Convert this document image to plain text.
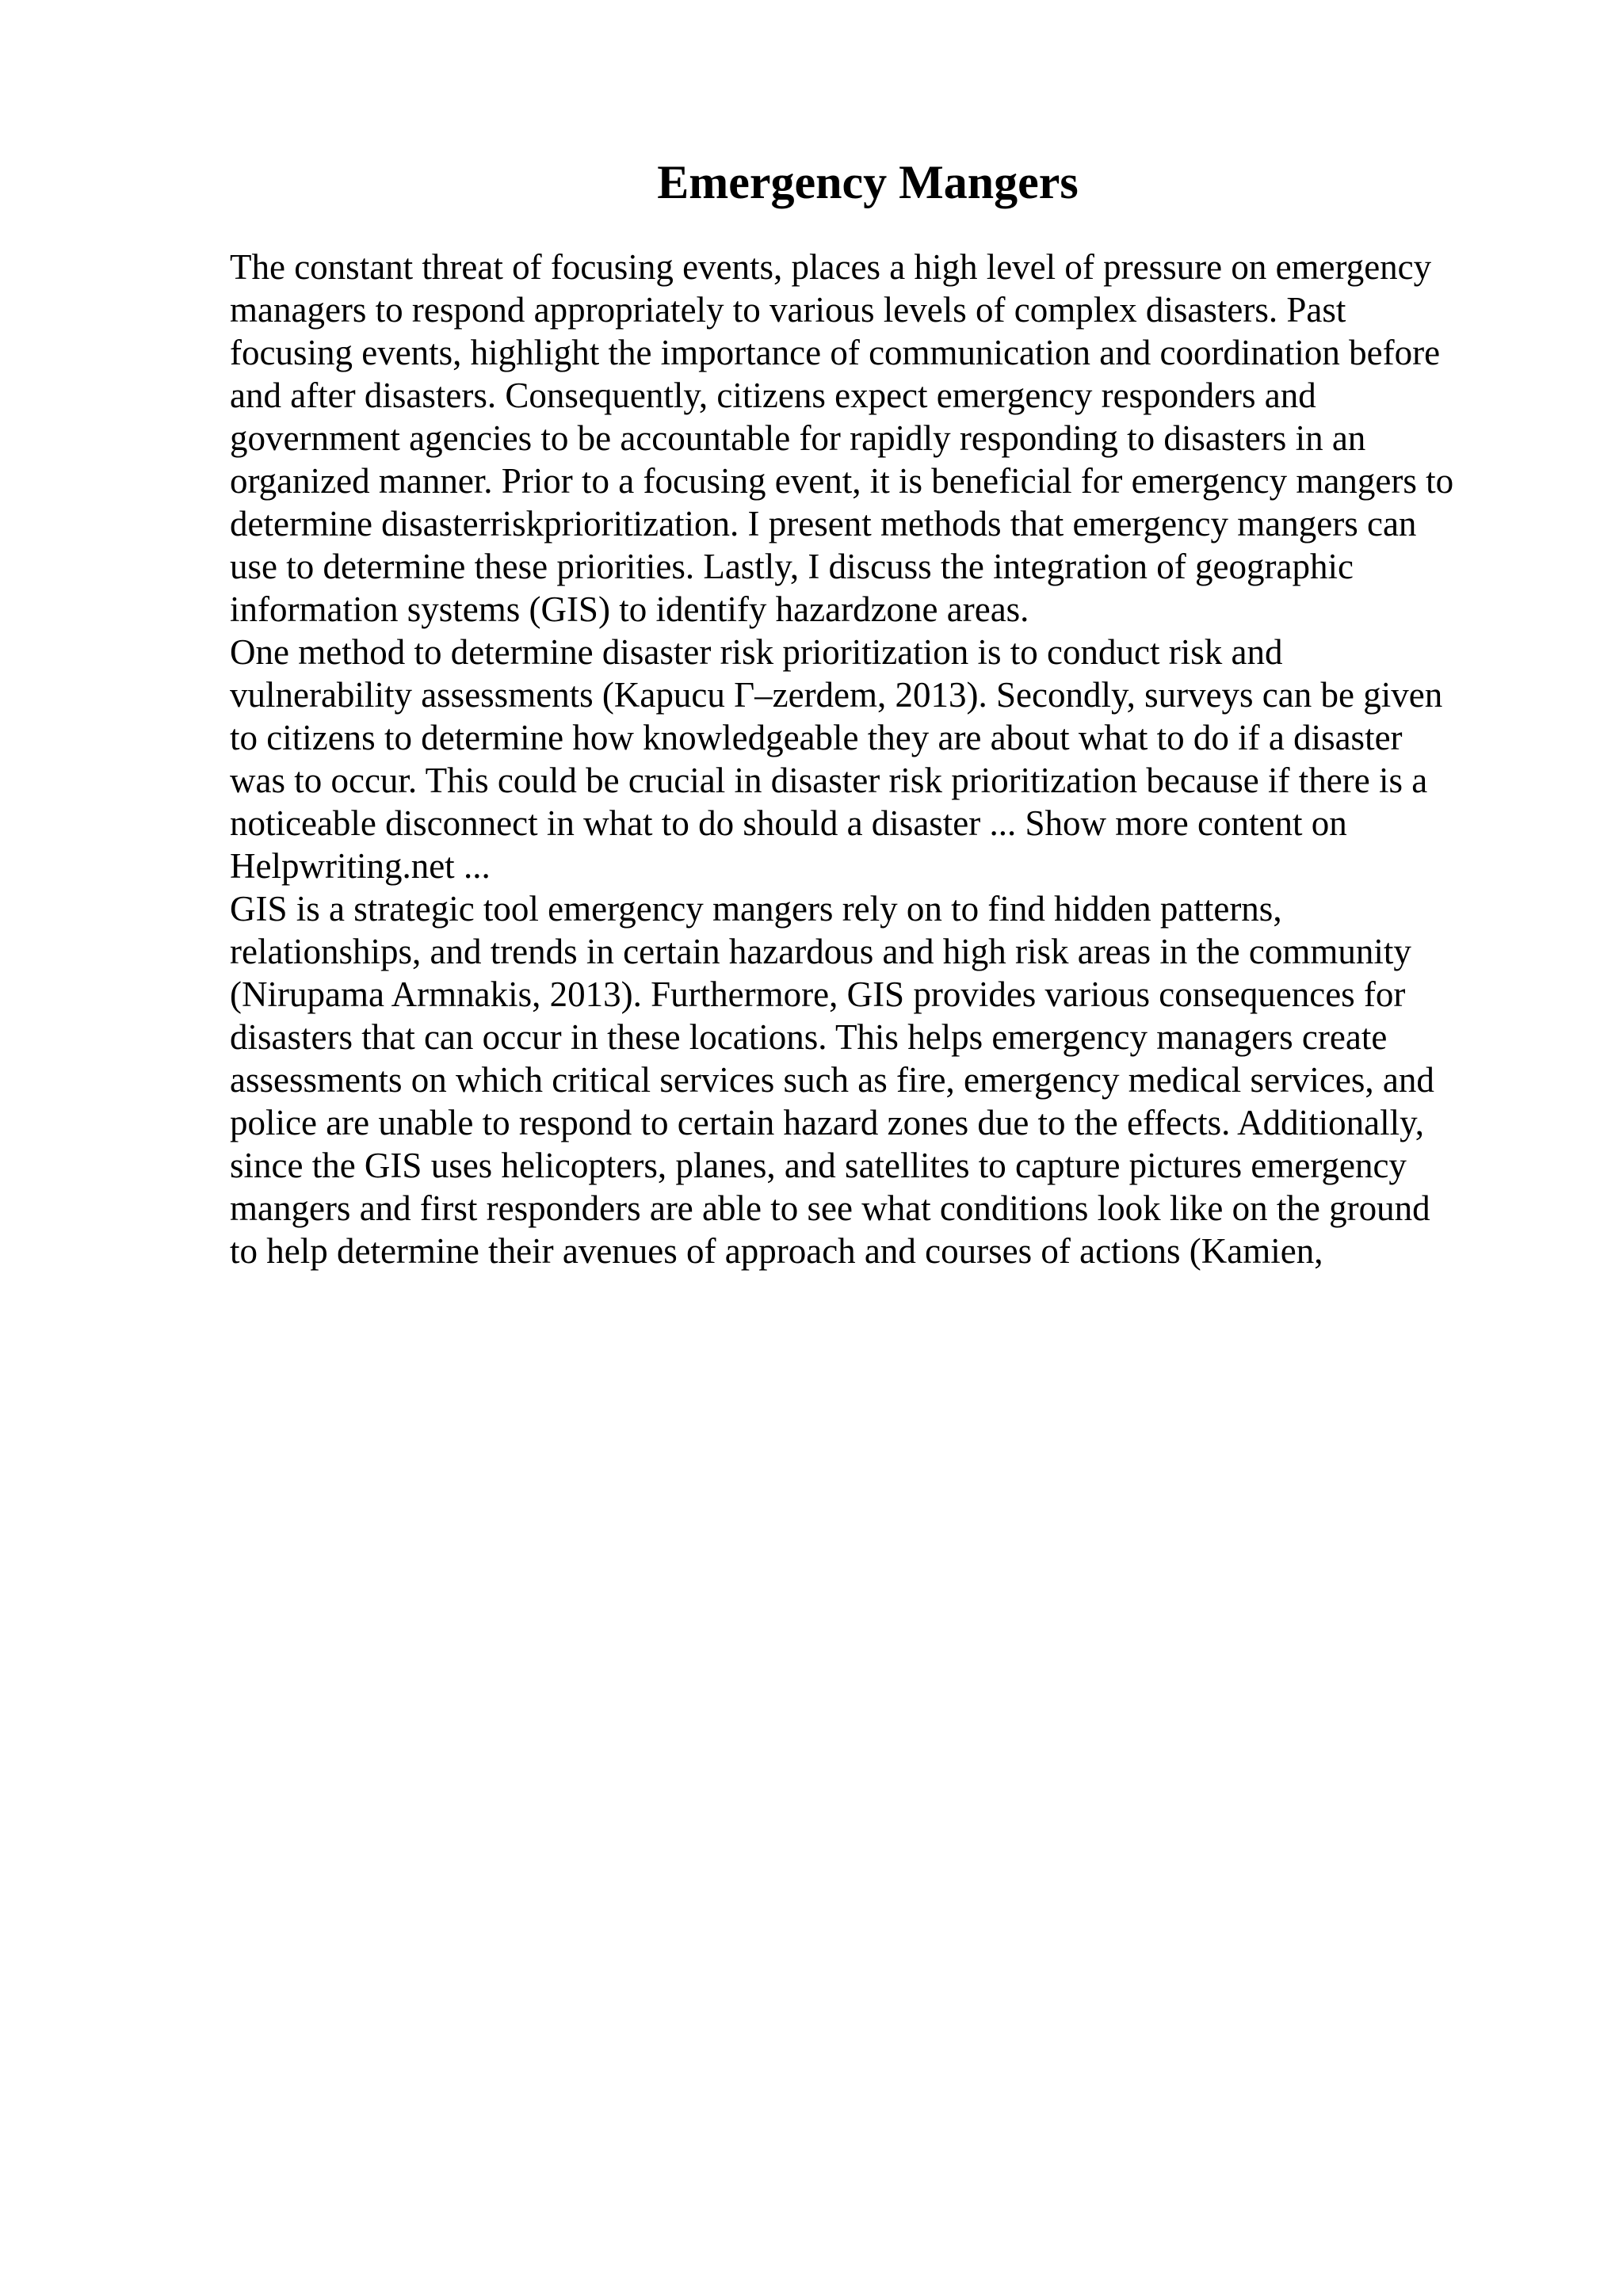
Emergency Mangers
The constant threat of focusing events, places a high level of pressure on emergency
managers to respond appropriately to various levels of complex disasters. Past
focusing events, highlight the importance of communication and coordination before
and after disasters. Consequently, citizens expect emergency responders and
government agencies to be accountable for rapidly responding to disasters in an
organized manner. Prior to a focusing event, it is beneficial for emergency mangers to
determine disasterriskprioritization. I present methods that emergency mangers can
use to determine these priorities. Lastly, I discuss the integration of geographic
information systems (GIS) to identify hazardzone areas.
One method to determine disaster risk prioritization is to conduct risk and
vulnerability assessments (Kapucu Г–zerdem, 2013). Secondly, surveys can be given
to citizens to determine how knowledgeable they are about what to do if a disaster
was to occur. This could be crucial in disaster risk prioritization because if there is a
noticeable disconnect in what to do should a disaster ... Show more content on
Helpwriting.net ...
GIS is a strategic tool emergency mangers rely on to find hidden patterns,
relationships, and trends in certain hazardous and high risk areas in the community
(Nirupama Armnakis, 2013). Furthermore, GIS provides various consequences for
disasters that can occur in these locations. This helps emergency managers create
assessments on which critical services such as fire, emergency medical services, and
police are unable to respond to certain hazard zones due to the effects. Additionally,
since the GIS uses helicopters, planes, and satellites to capture pictures emergency
mangers and first responders are able to see what conditions look like on the ground
to help determine their avenues of approach and courses of actions (Kamien,
